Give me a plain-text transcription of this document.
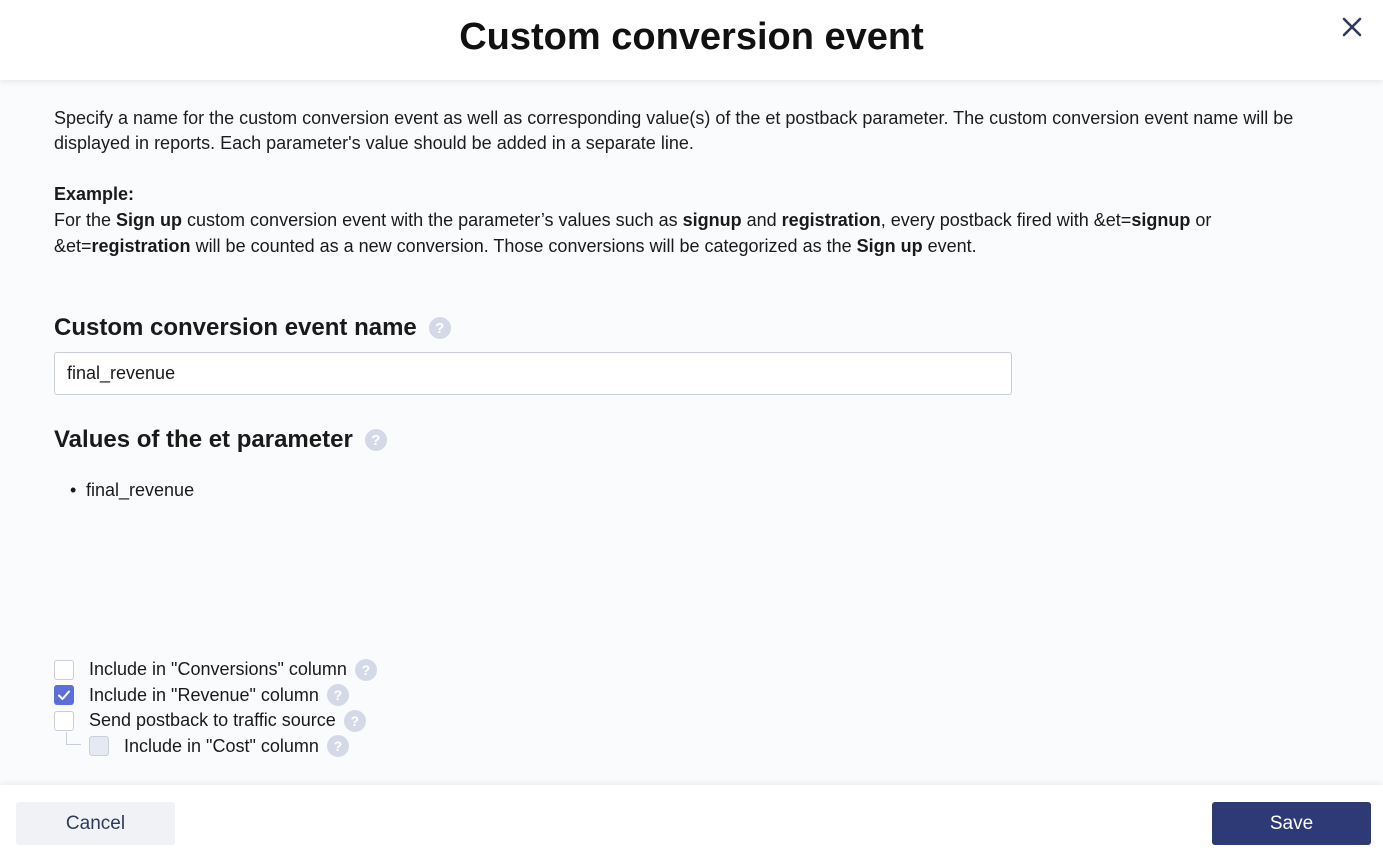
Custom conversion event

Specify a name for the custom conversion event as well as corresponding value(s) of the et postback parameter. The custom conversion event name will be displayed in reports. Each parameter's value should be added in a separate line.

Example:
For the Sign up custom conversion event with the parameter’s values such as signup and registration, every postback fired with &et=signup or &et=registration will be counted as a new conversion. Those conversions will be categorized as the Sign up event.
Custom conversion event name	?
final_revenue
Values of the et parameter	?
• final_revenue
Include in "Conversions" column	?
Include in "Revenue" column	?
Send postback to traffic source	?
Include in "Cost" column	?
Cancel	Save
